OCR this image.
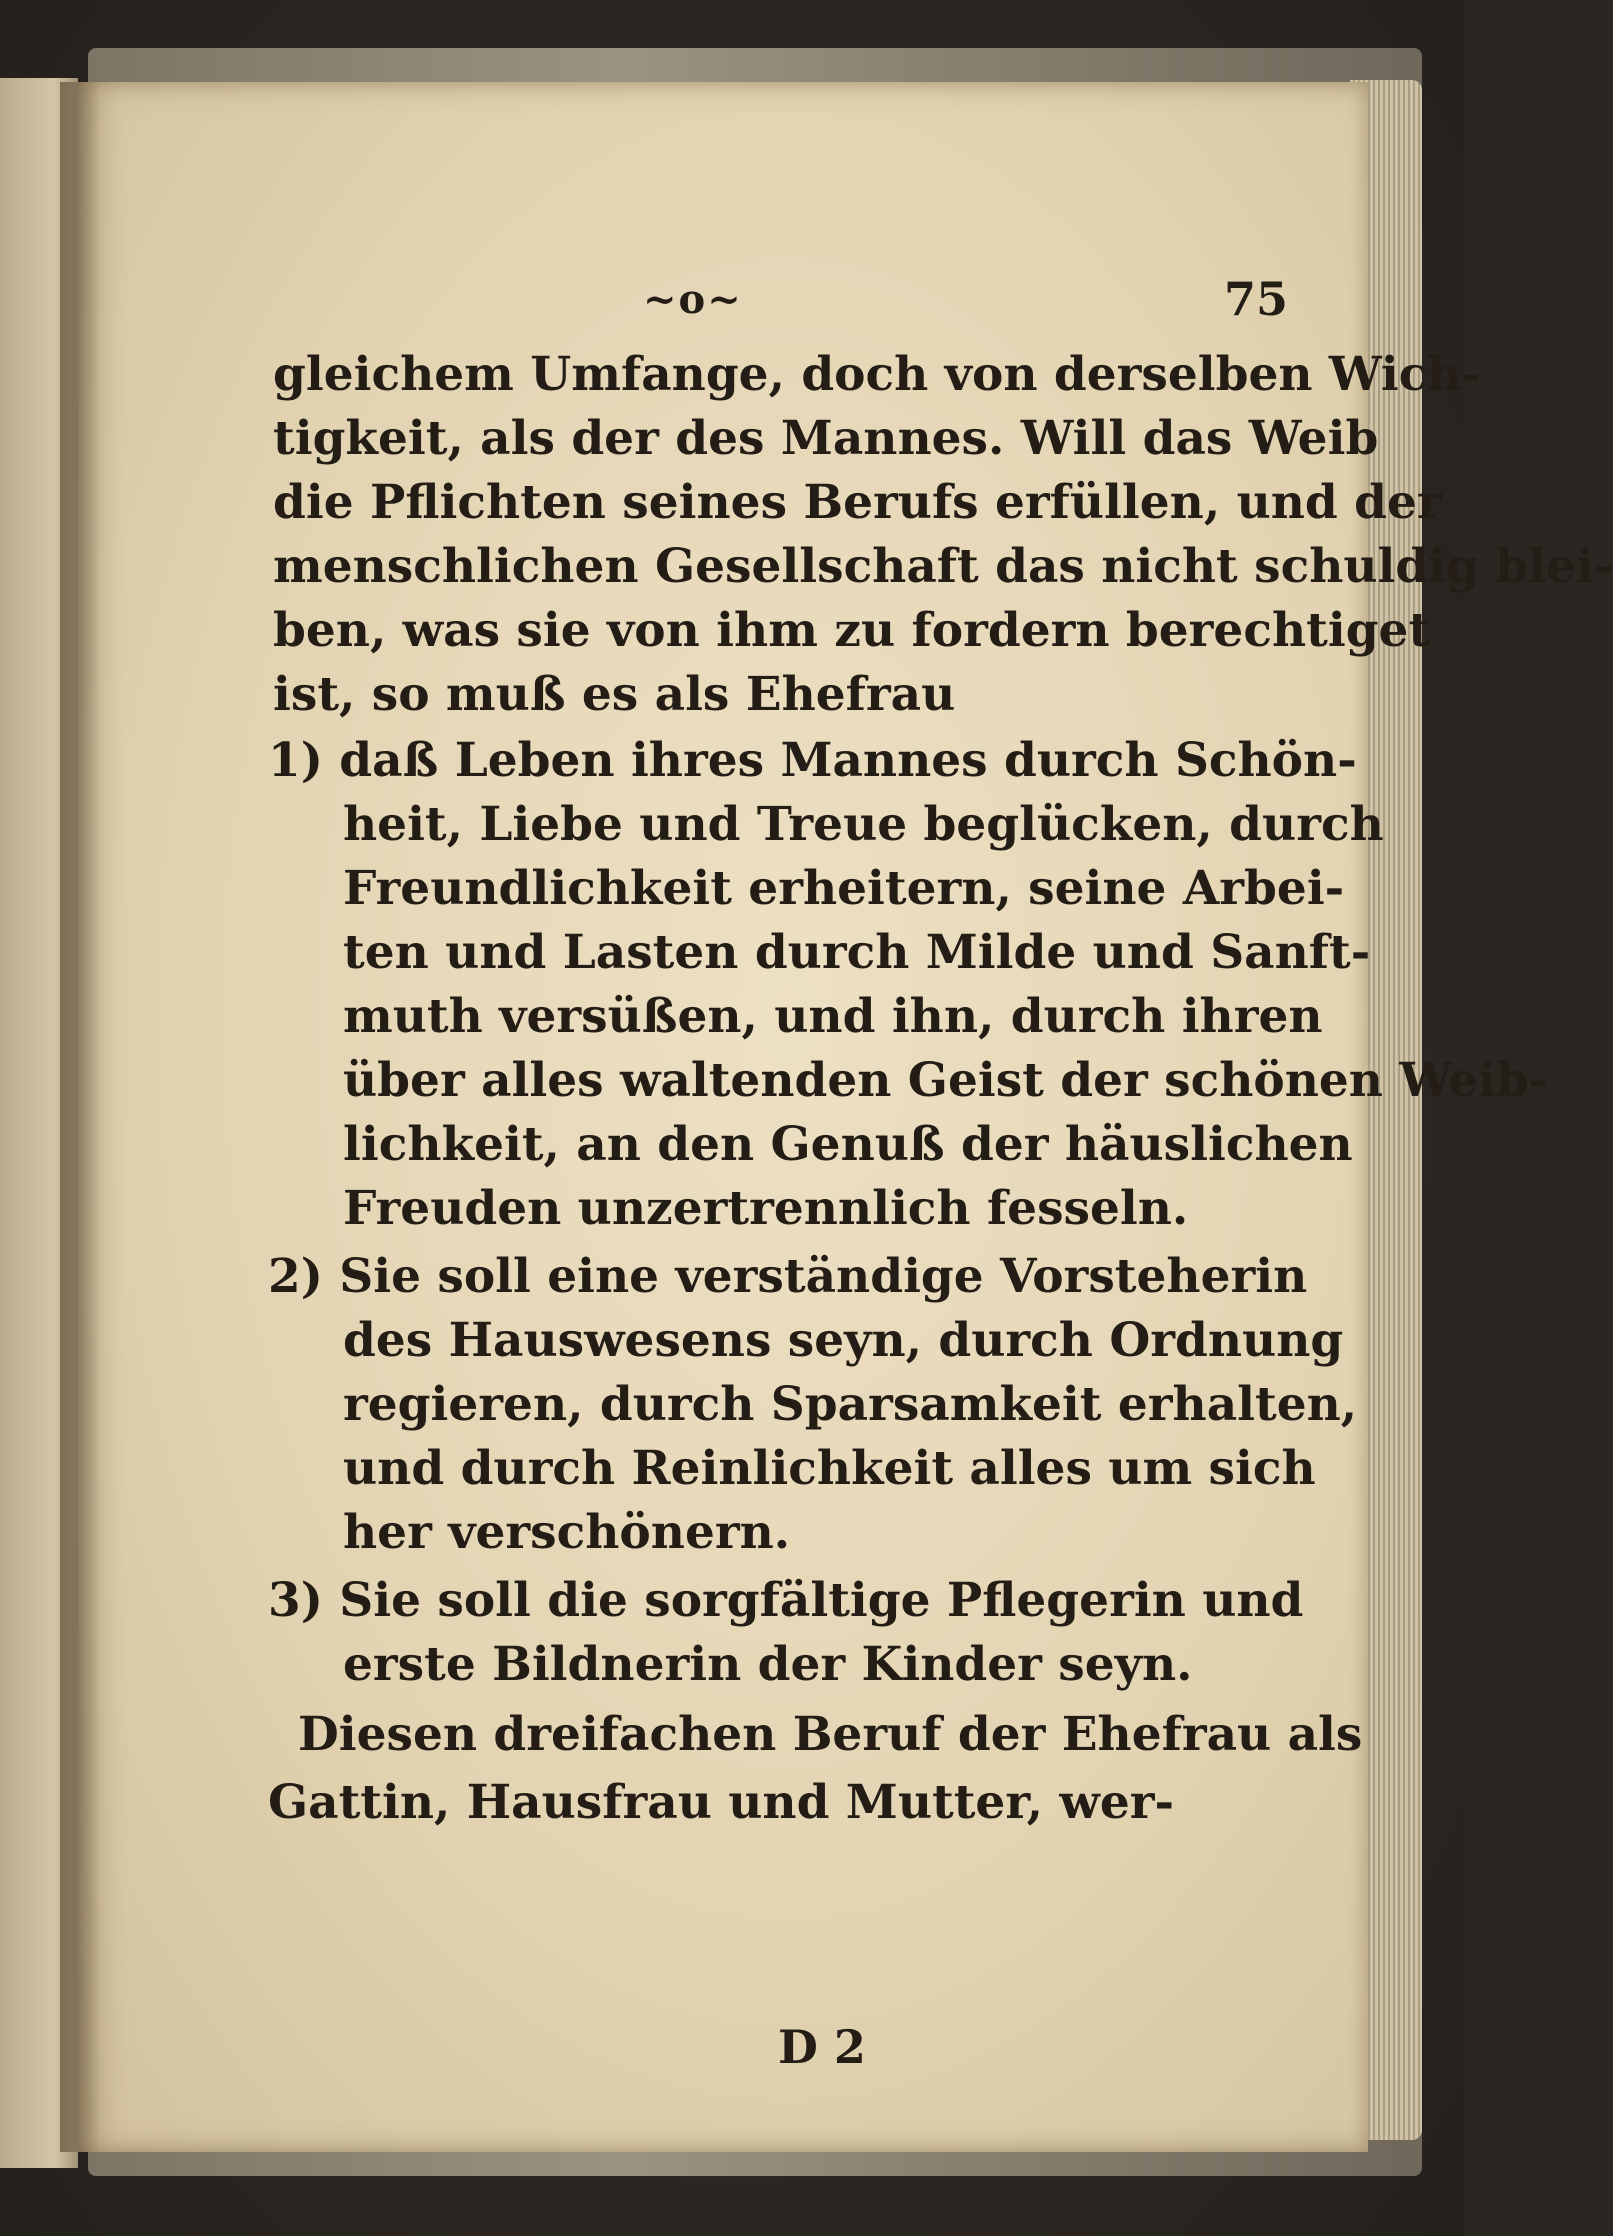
~o~	75
gleichem Umfange, doch von derselben Wich-
tigkeit, als der des Mannes. Will das Weib
die Pflichten seines Berufs erfüllen, und der
menschlichen Gesellschaft das nicht schuldig blei-
ben, was sie von ihm zu fordern berechtiget
ist, so muß es als Ehefrau
1) daß Leben ihres Mannes durch Schön-
heit, Liebe und Treue beglücken, durch
Freundlichkeit erheitern, seine Arbei-
ten und Lasten durch Milde und Sanft-
muth versüßen, und ihn, durch ihren
über alles waltenden Geist der schönen Weib-
lichkeit, an den Genuß der häuslichen
Freuden unzertrennlich fesseln.
2) Sie soll eine verständige Vorsteherin
des Hauswesens seyn, durch Ordnung
regieren, durch Sparsamkeit erhalten,
und durch Reinlichkeit alles um sich
her verschönern.
3) Sie soll die sorgfältige Pflegerin und
erste Bildnerin der Kinder seyn.
Diesen dreifachen Beruf der Ehefrau als
Gattin, Hausfrau und Mutter, wer-
D 2
